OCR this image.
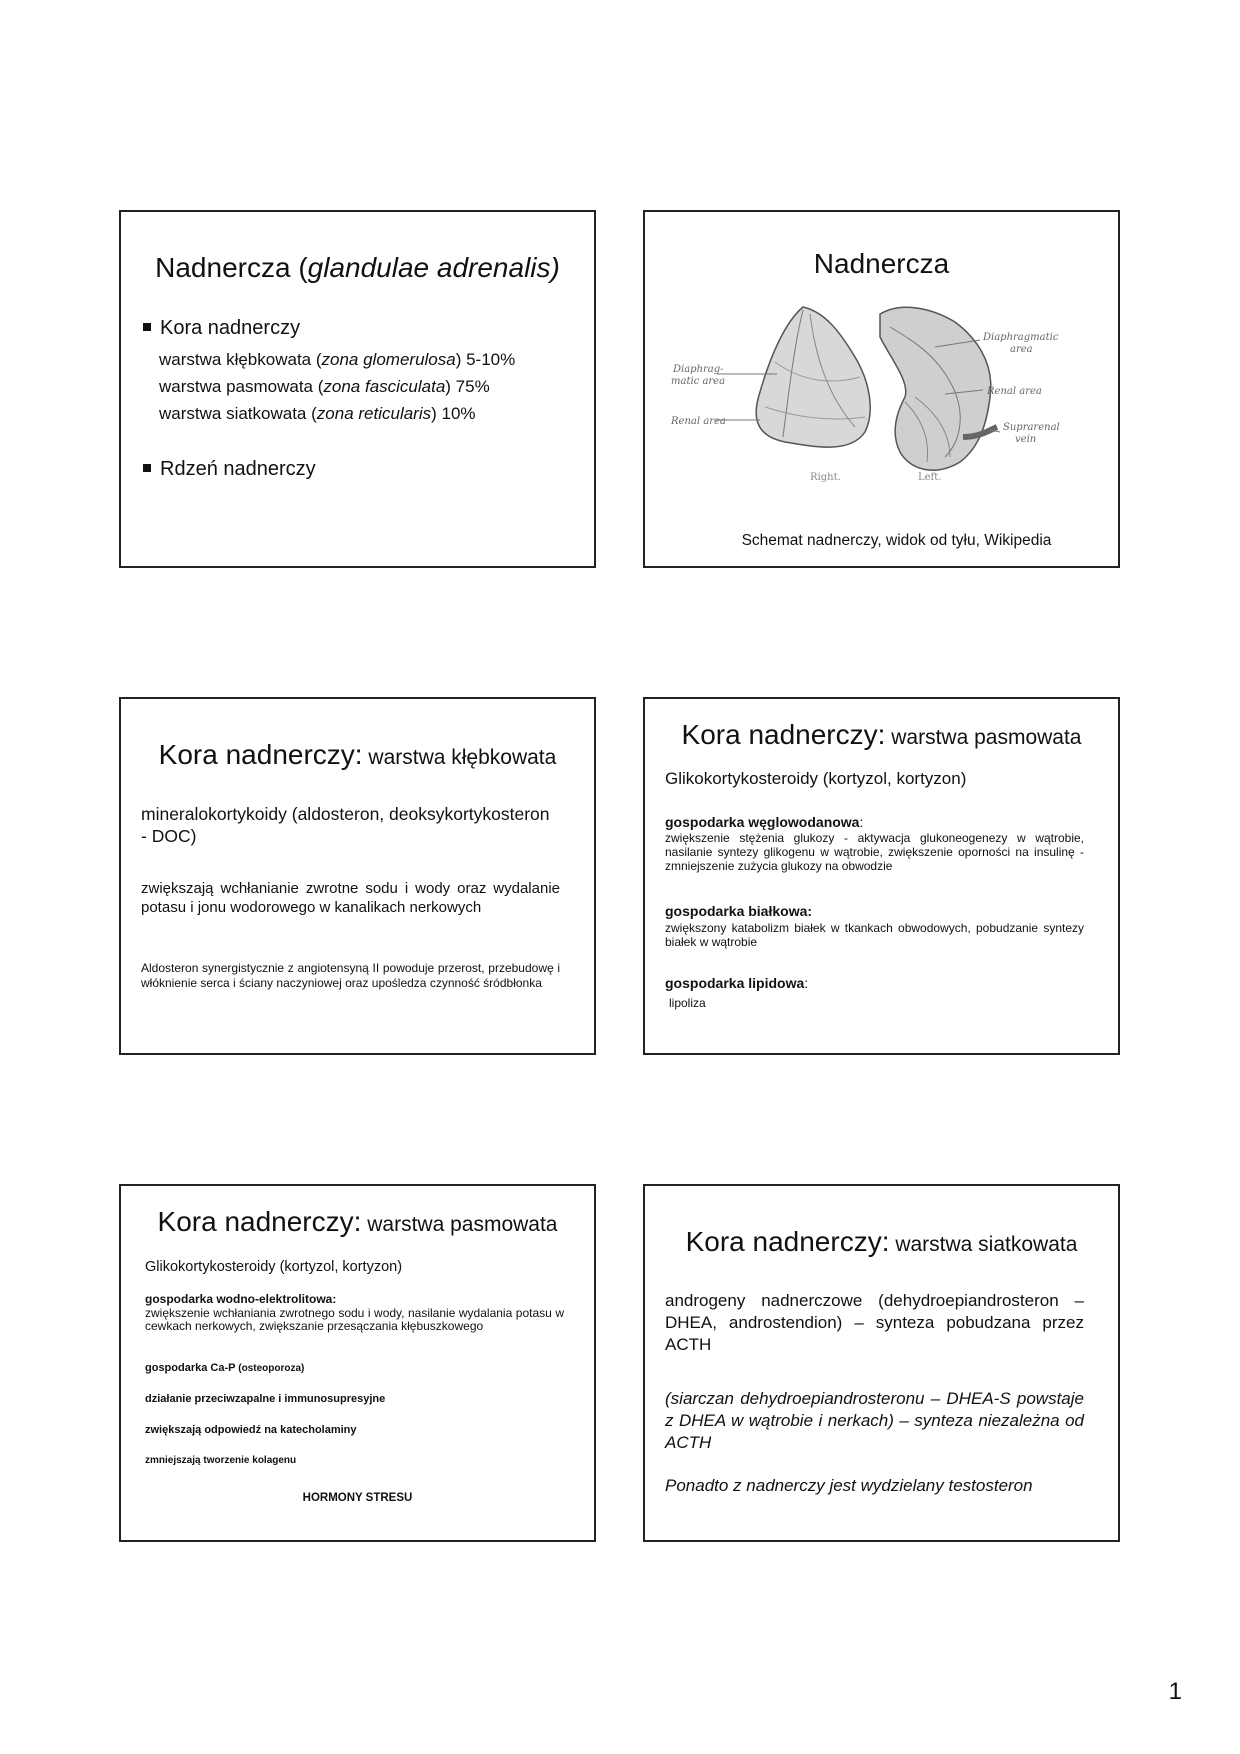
Nadnercza (glandulae adrenalis)
Kora nadnerczy
warstwa kłębkowata (zona glomerulosa) 5-10%
warstwa pasmowata (zona fasciculata) 75%
warstwa siatkowata (zona reticularis) 10%
Rdzeń nadnerczy
Nadnercza
Diaphrag-
matic area
Renal area
Diaphragmatic
area
Renal area
Suprarenal
vein
Right.	Left.
Schemat nadnerczy, widok od tyłu, Wikipedia
Kora nadnerczy: warstwa kłębkowata
mineralokortykoidy (aldosteron, deoksykortykosteron - DOC)
zwiększają wchłanianie zwrotne sodu i wody oraz wydalanie potasu i jonu wodorowego w kanalikach nerkowych
Aldosteron synergistycznie z angiotensyną II powoduje przerost, przebudowę i włóknienie serca i ściany naczyniowej oraz upośledza czynność śródbłonka
Kora nadnerczy: warstwa pasmowata
Glikokortykosteroidy (kortyzol, kortyzon)
gospodarka węglowodanowa:
zwiększenie stężenia glukozy - aktywacja glukoneogenezy w wątrobie, nasilanie syntezy glikogenu w wątrobie, zwiększenie oporności na insulinę - zmniejszenie zużycia glukozy na obwodzie
gospodarka białkowa:
zwiększony katabolizm białek w tkankach obwodowych, pobudzanie syntezy białek w wątrobie
gospodarka lipidowa:
lipoliza
Kora nadnerczy: warstwa pasmowata
Glikokortykosteroidy (kortyzol, kortyzon)
gospodarka wodno-elektrolitowa:
zwiększenie wchłaniania zwrotnego sodu i wody, nasilanie wydalania potasu w cewkach nerkowych, zwiększanie przesączania kłębuszkowego
gospodarka Ca-P (osteoporoza)
działanie przeciwzapalne i immunosupresyjne
zwiększają odpowiedź na katecholaminy
zmniejszają tworzenie kolagenu
HORMONY STRESU
Kora nadnerczy: warstwa siatkowata
androgeny nadnerczowe (dehydroepiandrosteron – DHEA, androstendion) – synteza pobudzana przez ACTH
(siarczan dehydroepiandrosteronu – DHEA-S powstaje z DHEA w wątrobie i nerkach) – synteza niezależna od ACTH
Ponadto z nadnerczy jest wydzielany testosteron
1
